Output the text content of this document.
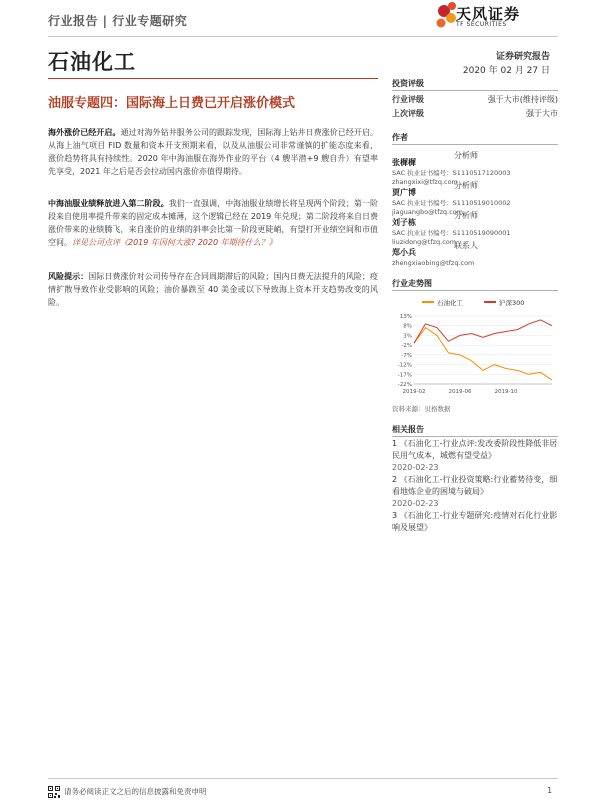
行业报告 | 行业专题研究	天风证券
TF SECURITIES
石油化工	证券研究报告
2020 年 02 月 27 日
油服专题四：国际海上日费已开启涨价模式
海外涨价已经开启。通过对海外钻井服务公司的跟踪发现，国际海上钻井日费涨价已经开启。从海上油气项目 FID 数量和资本开支预期来看，以及从油服公司非常谨慎的扩能态度来看，涨价趋势将具有持续性。2020 年中海油服在海外作业的平台（4 艘半潜+9 艘自升）有望率先享受，2021 年之后是否会拉动国内涨价亦值得期待。
中海油服业绩释放进入第二阶段。我们一直强调，中海油服业绩增长将呈现两个阶段；第一阶段来自使用率提升带来的固定成本摊薄，这个逻辑已经在 2019 年兑现；第二阶段将来自日费涨价带来的业绩腾飞，来自涨价的业绩的斜率会比第一阶段更陡峭，有望打开业绩空间和市值空间。详见公司点评《2019 年因何大涨? 2020 年期待什么？》
风险提示：国际日费涨价对公司传导存在合同周期滞后的风险；国内日费无法提升的风险；疫情扩散导致作业受影响的风险；油价暴跌至 40 美金或以下导致海上资本开支趋势改变的风险。
投资评级
行业评级	强于大市(维持评级)
上次评级	强于大市
作者
张樨樨
分析师
SAC 执业证书编号：S1110517120003
zhangxixi@tfzq.com
贾广博
分析师
SAC 执业证书编号：S1110519010002
jiaguangbo@tfzq.com
刘子栋
分析师
SAC 执业证书编号：S1110519090001
liuzidong@tfzq.com
郑小兵
联系人
zhengxiaobing@tfzq.com
行业走势图
石油化工	沪深300
13%
8%
3%
-2%
-7%
-12%
-17%
-22%
2019-02	2019-06	2019-10
资料来源：贝格数据
相关报告
1 《石油化工-行业点评:发改委阶段性降低非居民用气成本，城燃有望受益》
2020-02-23
2 《石油化工-行业投资策略:行业蓄势待变，细看地炼企业的困境与破局》
2020-02-23
3 《石油化工-行业专题研究:疫情对石化行业影响及展望》
请务必阅读正文之后的信息披露和免责申明	1
